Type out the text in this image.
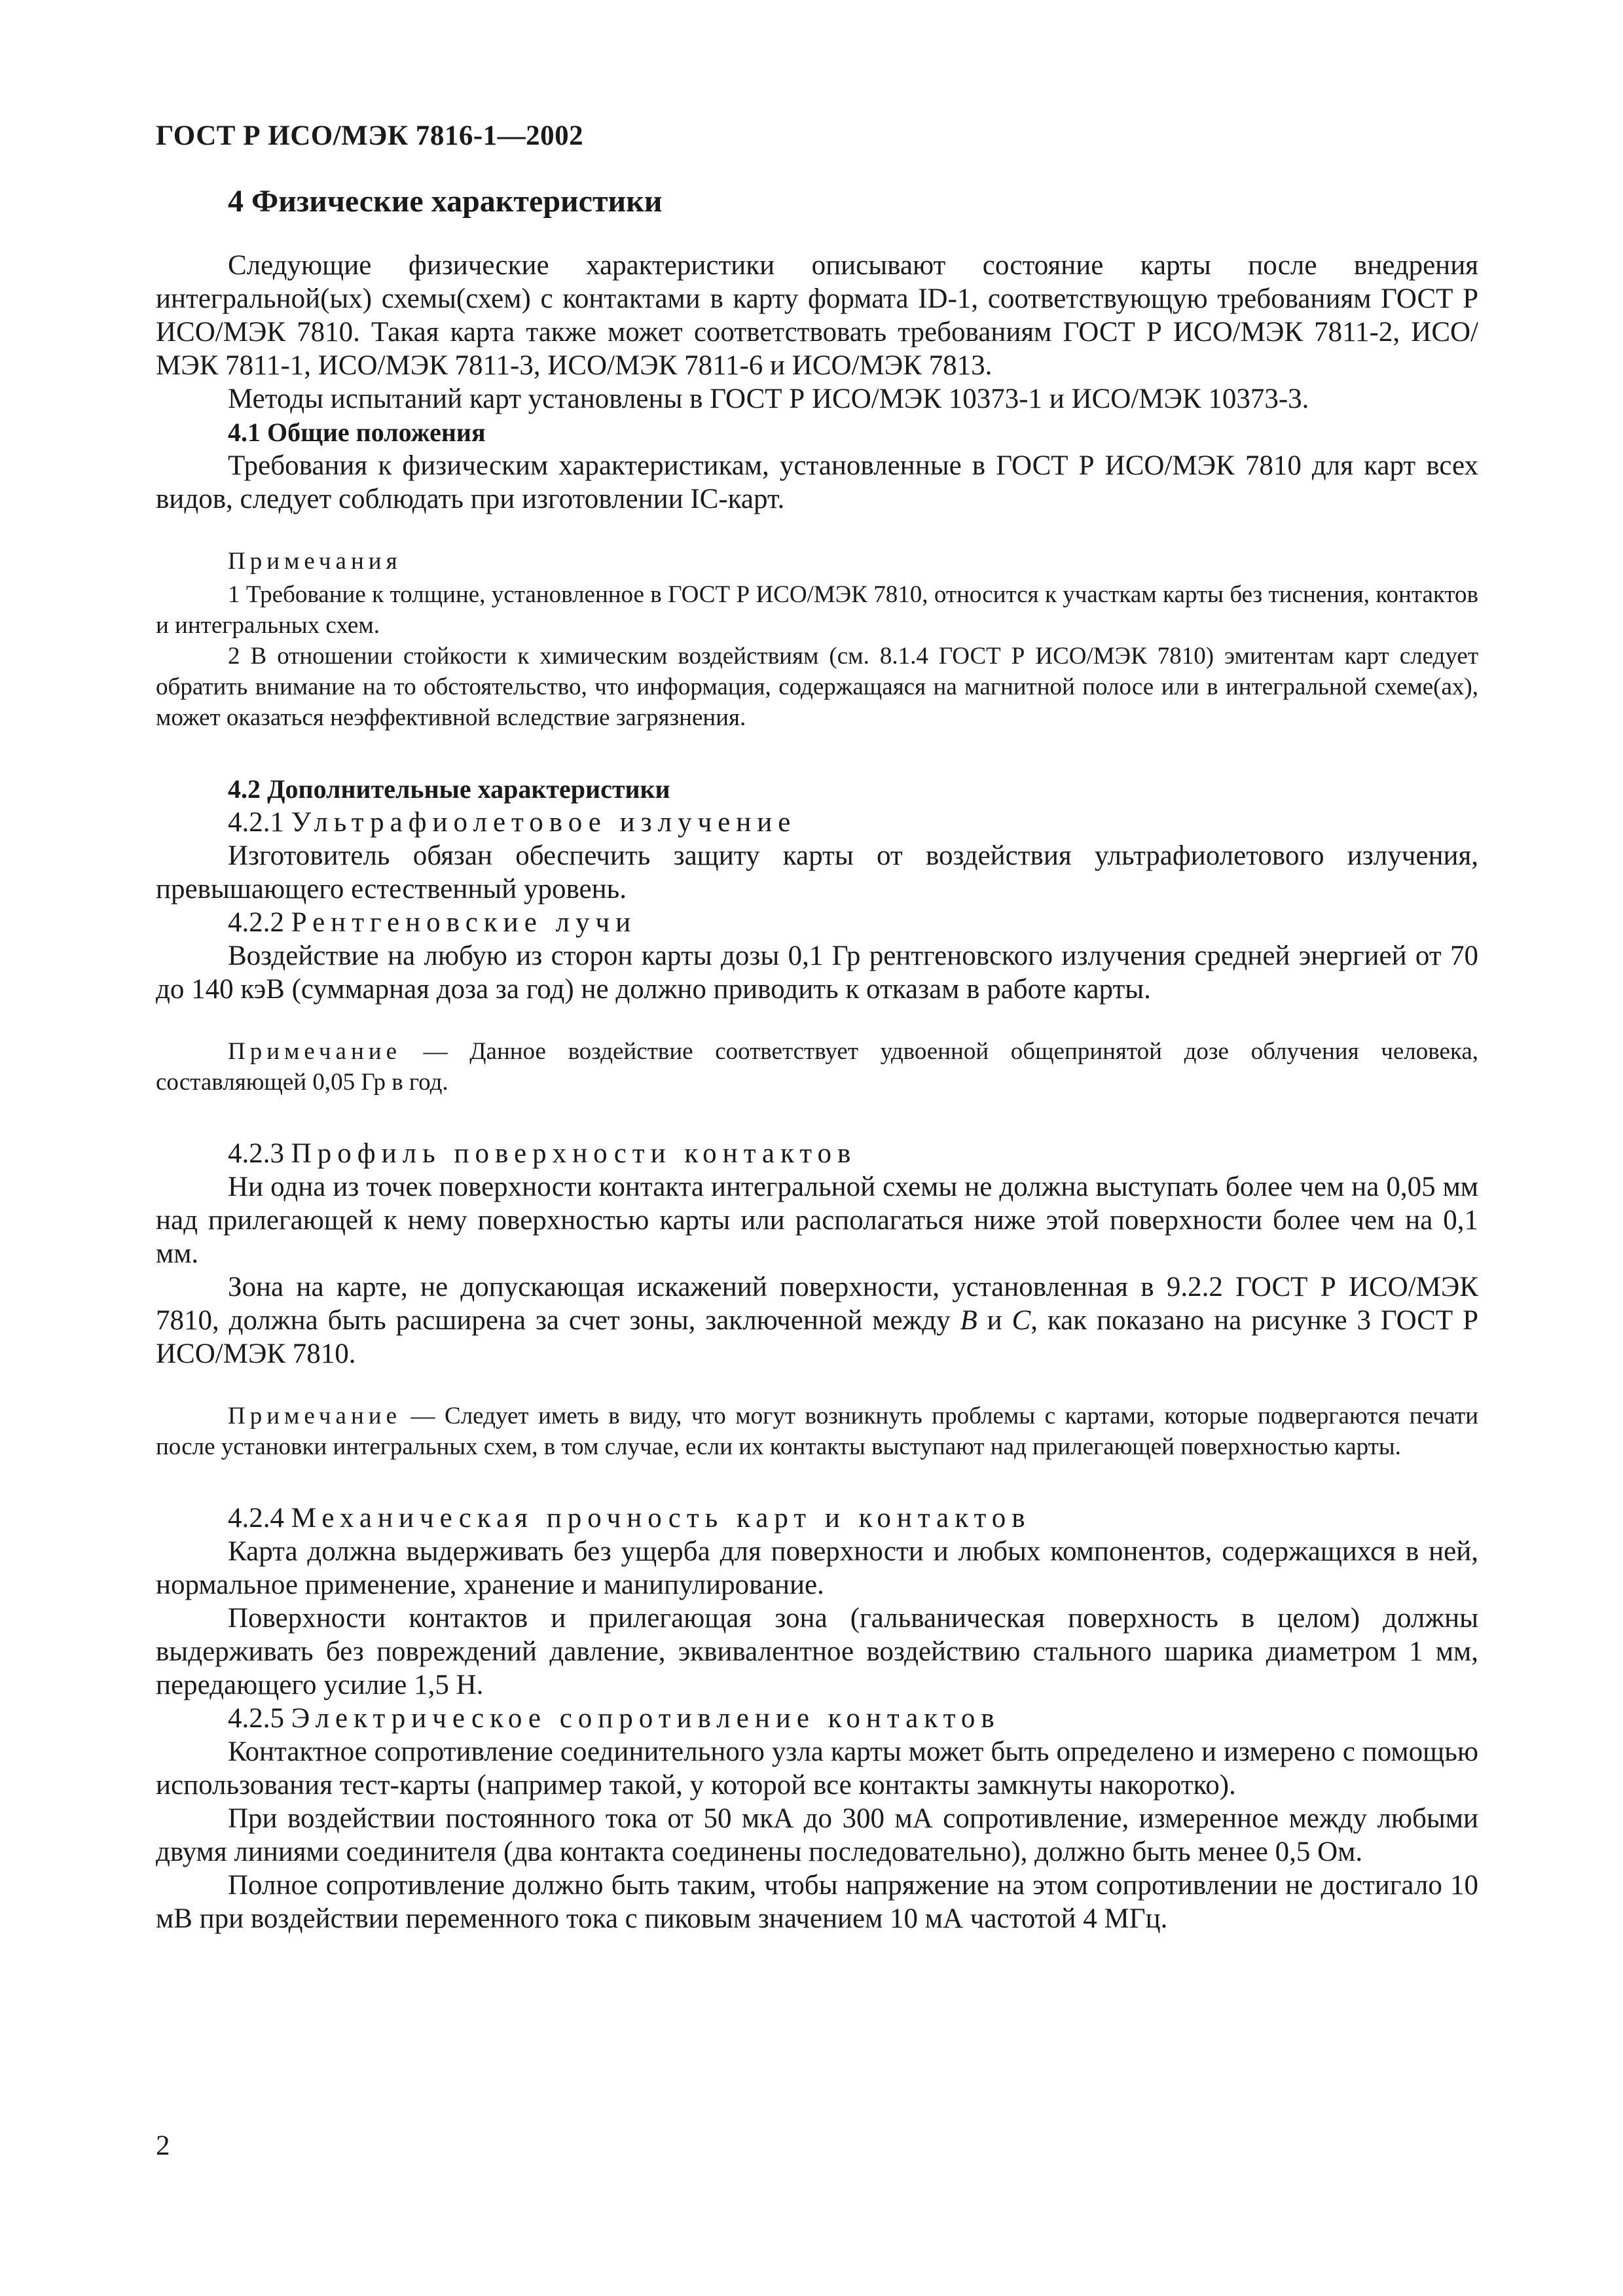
ГОСТ Р ИСО/МЭК 7816-1—2002
4 Физические характеристики

Следующие физические характеристики описывают состояние карты после внедрения интегральной(ых) схемы(схем) с контактами в карту формата ID-1, соответствующую требованиям ГОСТ Р ИСО/МЭК 7810. Такая карта также может соответствовать требованиям ГОСТ Р ИСО/МЭК 7811-2, ИСО/МЭК 7811-1, ИСО/МЭК 7811-3, ИСО/МЭК 7811-6 и ИСО/МЭК 7813.

Методы испытаний карт установлены в ГОСТ Р ИСО/МЭК 10373-1 и ИСО/МЭК 10373-3.

4.1 Общие положения

Требования к физическим характеристикам, установленные в ГОСТ Р ИСО/МЭК 7810 для карт всех видов, следует соблюдать при изготовлении IC-карт.

Примечания

1 Требование к толщине, установленное в ГОСТ Р ИСО/МЭК 7810, относится к участкам карты без тиснения, контактов и интегральных схем.

2 В отношении стойкости к химическим воздействиям (см. 8.1.4 ГОСТ Р ИСО/МЭК 7810) эмитентам карт следует обратить внимание на то обстоятельство, что информация, содержащаяся на магнитной полосе или в интегральной схеме(ах), может оказаться неэффективной вследствие загрязнения.

4.2 Дополнительные характеристики
4.2.1 Ультрафиолетовое излучение

Изготовитель обязан обеспечить защиту карты от воздействия ультрафиолетового излучения, превышающего естественный уровень.

4.2.2 Рентгеновские лучи

Воздействие на любую из сторон карты дозы 0,1 Гр рентгеновского излучения средней энергией от 70 до 140 кэВ (суммарная доза за год) не должно приводить к отказам в работе карты.

Примечание — Данное воздействие соответствует удвоенной общепринятой дозе облучения человека, составляющей 0,05 Гр в год.

4.2.3 Профиль поверхности контактов

Ни одна из точек поверхности контакта интегральной схемы не должна выступать более чем на 0,05 мм над прилегающей к нему поверхностью карты или располагаться ниже этой поверхности более чем на 0,1 мм.

Зона на карте, не допускающая искажений поверхности, установленная в 9.2.2 ГОСТ Р ИСО/МЭК 7810, должна быть расширена за счет зоны, заключенной между B и C, как показано на рисунке 3 ГОСТ Р ИСО/МЭК 7810.

Примечание — Следует иметь в виду, что могут возникнуть проблемы с картами, которые подвергаются печати после установки интегральных схем, в том случае, если их контакты выступают над прилегающей поверхностью карты.

4.2.4 Механическая прочность карт и контактов

Карта должна выдерживать без ущерба для поверхности и любых компонентов, содержащихся в ней, нормальное применение, хранение и манипулирование.

Поверхности контактов и прилегающая зона (гальваническая поверхность в целом) должны выдерживать без повреждений давление, эквивалентное воздействию стального шарика диаметром 1 мм, передающего усилие 1,5 Н.

4.2.5 Электрическое сопротивление контактов

Контактное сопротивление соединительного узла карты может быть определено и измерено с помощью использования тест-карты (например такой, у которой все контакты замкнуты накоротко).

При воздействии постоянного тока от 50 мкА до 300 мА сопротивление, измеренное между любыми двумя линиями соединителя (два контакта соединены последовательно), должно быть менее 0,5 Ом.

Полное сопротивление должно быть таким, чтобы напряжение на этом сопротивлении не достигало 10 мВ при воздействии переменного тока с пиковым значением 10 мА частотой 4 МГц.

2
